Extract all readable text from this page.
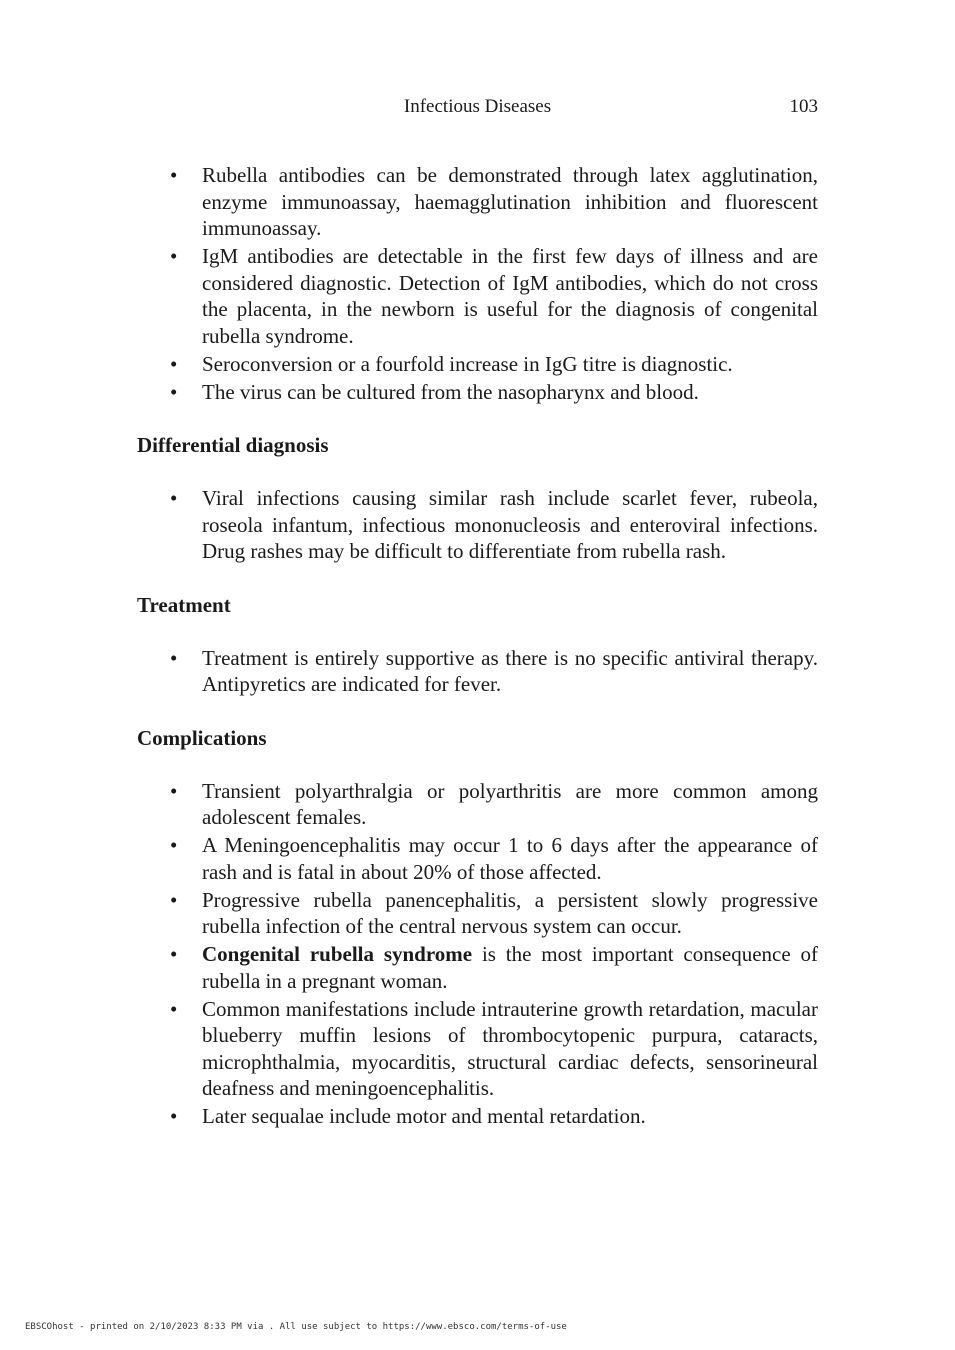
Infectious Diseases	103
• Rubella antibodies can be demonstrated through latex agglutination, enzyme immunoassay, haemagglutination inhibition and fluorescent immunoassay.
• IgM antibodies are detectable in the first few days of illness and are considered diagnostic. Detection of IgM antibodies, which do not cross the placenta, in the newborn is useful for the diagnosis of congenital rubella syndrome.
• Seroconversion or a fourfold increase in IgG titre is diagnostic.
• The virus can be cultured from the nasopharynx and blood.
Differential diagnosis
• Viral infections causing similar rash include scarlet fever, rubeola, roseola infantum, infectious mononucleosis and enteroviral infections. Drug rashes may be difficult to differentiate from rubella rash.
Treatment
• Treatment is entirely supportive as there is no specific antiviral therapy. Antipyretics are indicated for fever.
Complications
• Transient polyarthralgia or polyarthritis are more common among adolescent females.
• A Meningoencephalitis may occur 1 to 6 days after the appearance of rash and is fatal in about 20% of those affected.
• Progressive rubella panencephalitis, a persistent slowly progressive rubella infection of the central nervous system can occur.
• Congenital rubella syndrome is the most important consequence of rubella in a pregnant woman.
• Common manifestations include intrauterine growth retardation, macular blueberry muffin lesions of thrombocytopenic purpura, cataracts, microphthalmia, myocarditis, structural cardiac defects, sensorineural deafness and meningoencephalitis.
• Later sequalae include motor and mental retardation.
EBSCOhost - printed on 2/10/2023 8:33 PM via . All use subject to https://www.ebsco.com/terms-of-use
